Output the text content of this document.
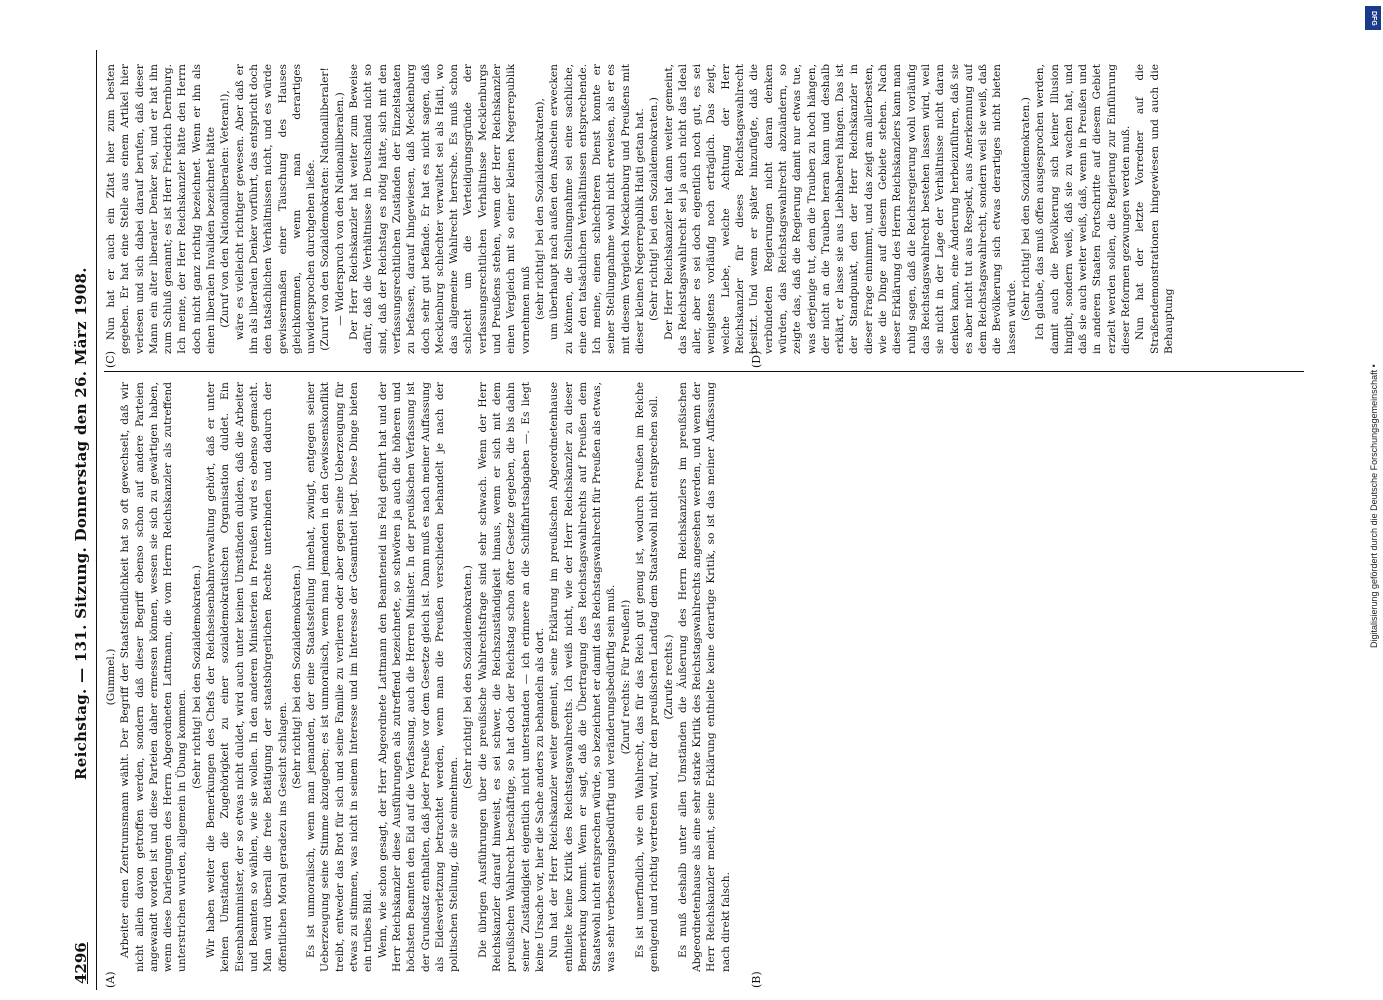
4296
Reichstag. — 131. Sitzung. Donnerstag den 26. März 1908. (Gummel.) Arbeiter einen Zentrumsmann wählt. Der Begriff der Staatsfeindlichkeit hat so oft gewechselt, daß wir nicht allein davon getroffen werden, sondern daß dieser Begriff ebenso schon auf andere Parteien angewandt worden ist und diese Parteien daher ermessen können, wessen sie sich zu gewärtigen haben, wenn diese Darlegungen des Herrn Abgeordneten Lattmann, die vom Herrn Reichskanzler als zutreffend unterstrichen wurden, allgemein in Übung kommen.

(Sehr richtig! bei den Sozialdemokraten.) Wir haben weiter die Bemerkungen des Chefs der Reichseisenbahnverwaltung gehört, daß er unter keinen Umständen die Zugehörigkeit zu einer sozialdemokratischen Organisation duldet. Ein Eisenbahnminister, der so etwas nicht duldet, wird auch unter keinen Umständen dulden, daß die Arbeiter und Beamten so wählen, wie sie wollen. In den anderen Ministerien in Preußen wird es ebenso gemacht. Man wird überall die freie Betätigung der staatsbürgerlichen Rechte unterbinden und dadurch der öffentlichen Moral geradezu ins Gesicht schlagen.

(Sehr richtig! bei den Sozialdemokraten.) Es ist unmoralisch, wenn man jemanden, der eine Staatsstellung innehat, zwingt, entgegen seiner Ueberzeugung seine Stimme abzugeben; es ist unmoralisch, wenn man jemanden in den Gewissenskonflikt treibt, entweder das Brot für sich und seine Familie zu verlieren oder aber gegen seine Ueberzeugung für etwas zu stimmen, was nicht in seinem Interesse und im Interesse der Gesamtheit liegt. Diese Dinge bieten ein trübes Bild. Wenn, wie schon gesagt, der Herr Abgeordnete Lattmann den Beamteneid ins Feld geführt hat und der Herr Reichskanzler diese Ausführungen als zutreffend bezeichnete, so schwören ja auch die höheren und höchsten Beamten den Eid auf die Verfassung, auch die Herren Minister. In der preußischen Verfassung ist der Grundsatz enthalten, daß jeder Preuße vor dem Gesetze gleich ist. Dann muß es nach meiner Auffassung als Eidesverletzung betrachtet werden, wenn man die Preußen verschieden behandelt je nach der politischen Stellung, die sie einnehmen.

(Sehr richtig! bei den Sozialdemokraten.) Die übrigen Ausführungen über die preußische Wahlrechtsfrage sind sehr schwach. Wenn der Herr Reichskanzler darauf hinweist, es sei schwer, die Reichszuständigkeit hinaus, wenn er sich mit dem preußischen Wahlrecht beschäftige, so hat doch der Reichstag schon öfter Gesetze gegeben, die bis dahin seiner Zuständigkeit eigentlich nicht unterstanden — ich erinnere an die Schiffahrtsabgaben —. Es liegt keine Ursache vor, hier die Sache anders zu behandeln als dort. Nun hat der Herr Reichskanzler weiter gemeint, seine Erklärung im preußischen Abgeordnetenhause enthielte keine Kritik des Reichstagswahlrechts. Ich weiß nicht, wie der Herr Reichskanzler zu dieser Bemerkung kommt. Wenn er sagt, daß die Übertragung des Reichstagswahlrechts auf Preußen dem Staatswohl nicht entsprechen würde, so bezeichnet er damit das Reichstagswahlrecht für Preußen als etwas, was sehr verbesserungsbedürftig und veränderungsbedürftig sein muß. (Zuruf rechts: Für Preußen!) Es ist unerfindlich, wie ein Wahlrecht, das für das Reich gut genug ist, wodurch Preußen im Reiche genügend und richtig vertreten wird, für den preußischen Landtag dem Staatswohl nicht entsprechen soll. (Zurufe rechts.) Es muß deshalb unter allen Umständen die Äußerung des Herrn Reichskanzlers im preußischen Abgeordnetenhause als eine sehr starke Kritik des Reichstagswahlrechts angesehen werden, und wenn der Herr Reichskanzler meint, seine Erklärung enthielte keine derartige Kritik, so ist das meiner Auffassung nach direkt falsch.

Nun hat er auch ein Zitat hier zum besten gegeben. Er hat eine Stelle aus einem Artikel hier verlesen und sich dabei darauf berufen, daß dieser Mann ein alter liberaler Denker sei, und er hat ihn zum Schluß genannt; es ist Herr Friedrich Dernburg. Ich meine, der Herr Reichskanzler hätte den Herrn doch nicht ganz richtig bezeichnet. Wenn er ihn als einen liberalen Invaliden bezeichnet hätte (Zuruf von den Nationalliberalen: Veteran!), wäre es vielleicht richtiger gewesen. Aber daß er ihn als liberalen Denker vorführt, das entspricht doch den tatsächlichen Verhältnissen nicht, und es würde gewissermaßen einer Täuschung des Hauses gleichkommen, wenn man derartiges unwidersprochen durchgehen ließe. (Zuruf von den Sozialdemokraten: Nationalliberaler! — Widerspruch von den Nationalliberalen.) Der Herr Reichskanzler hat weiter zum Beweise dafür, daß die Verhältnisse in Deutschland nicht so sind, daß der Reichstag es nötig hätte, sich mit den verfassungsrechtlichen Zuständen der Einzelstaaten zu befassen, darauf hingewiesen, daß Mecklenburg doch sehr gut befände. Er hat es nicht sagen, daß Mecklenburg schlechter verwaltet sei als Haiti, wo das allgemeine Wahlrecht herrsche. Es muß schon schlecht um die Verteidigungsgründe der verfassungsrechtlichen Verhältnisse Mecklenburgs und Preußens stehen, wenn der Herr Reichskanzler einen Vergleich mit so einer kleinen Negerrepublik vornehmen muß (sehr richtig! bei den Sozialdemokraten), um überhaupt nach außen den Anschein erwecken zu können, die Stellungnahme sei eine sachliche, eine den tatsächlichen Verhältnissen entsprechende. Ich meine, einen schlechteren Dienst konnte er seiner Stellungnahme wohl nicht erweisen, als er es mit diesem Vergleich Mecklenburg und Preußens mit dieser kleinen Negerrepublik Haiti getan hat. (Sehr richtig! bei den Sozialdemokraten.) Der Herr Reichskanzler hat dann weiter gemeint, das Reichstagswahlrecht sei ja auch nicht das Ideal aller, aber es sei doch eigentlich noch gut, es sei wenigstens vorläufig noch erträglich. Das zeigt, welche Liebe, welche Achtung der Herr Reichskanzler für dieses Reichstagswahlrecht besitzt. Und wenn er später hinzufügte, daß die verbündeten Regierungen nicht daran denken würden, das Reichstagswahlrecht abzuändern, so zeigte das, daß die Regierung damit nur etwas tue, was derjenige tut, dem die Trauben zu hoch hängen, der nicht an die Trauben heran kann und deshalb erklärt, er lasse sie aus Liebhaberei hängen. Das ist der Standpunkt, den der Herr Reichskanzler in dieser Frage einnimmt, und das zeigt am allerbesten, wie die Dinge auf diesem Gebiete stehen. Nach dieser Erklärung des Herrn Reichskanzlers kann man ruhig sagen, daß die Reichsregierung wohl vorläufig das Reichstagswahlrecht bestehen lassen wird, weil sie nicht in der Lage der Verhältnisse nicht daran denken kann, eine Änderung herbeizuführen, daß sie es aber nicht tut aus Respekt, aus Anerkennung auf dem Reichstagswahlrecht, sondern weil sie weiß, daß die Bevölkerung sich etwas derartiges nicht bieten lassen würde. (Sehr richtig! bei den Sozialdemokraten.) Ich glaube, das muß offen ausgesprochen werden, damit auch die Bevölkerung sich keiner Illusion hingibt, sondern weiß, daß sie zu wachen hat, und daß sie auch weiter weiß, daß, wenn in Preußen und in anderen Staaten Fortschritte auf diesem Gebiet erzielt werden sollen, die Regierung zur Einführung dieser Reformen gezwungen werden muß. Nun hat der letzte Vorredner auf die Straßendemonstrationen hingewiesen und auch die Behauptung

(A)	(B)
(C)	(D)
Digitalisierung gefördert durch die Deutsche Forschungsgemeinschaft •
DFG
